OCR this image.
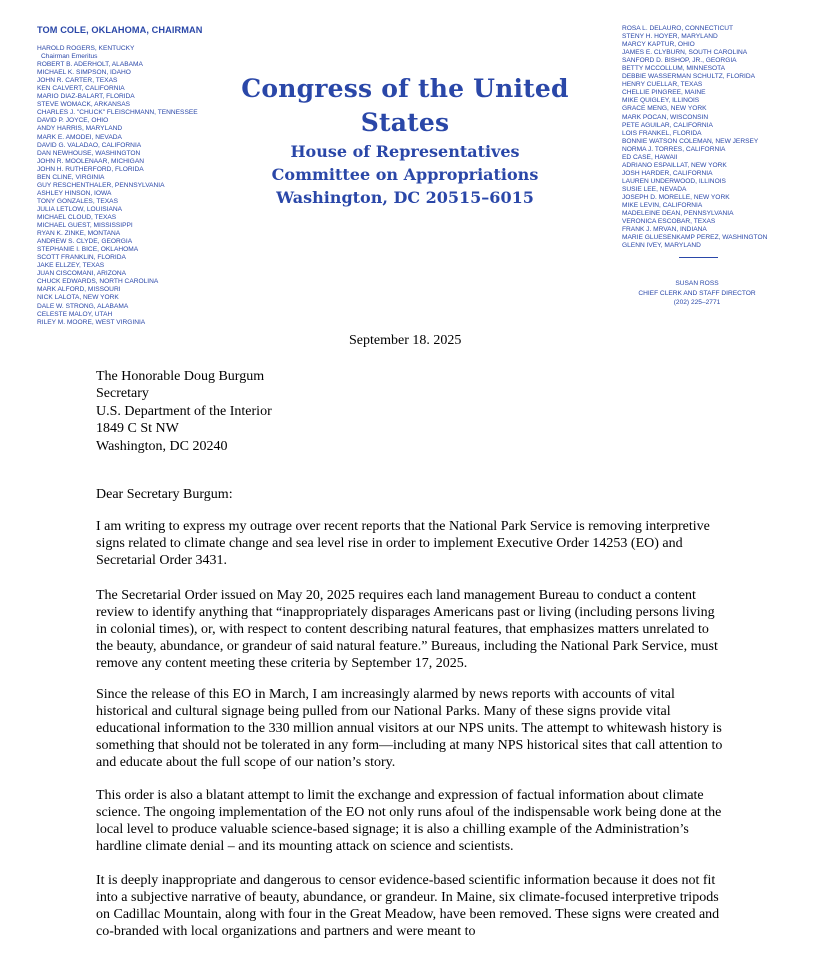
TOM COLE, OKLAHOMA, CHAIRMAN
HAROLD ROGERS, KENTUCKY
Chairman Emeritus
ROBERT B. ADERHOLT, ALABAMA
MICHAEL K. SIMPSON, IDAHO
JOHN R. CARTER, TEXAS
KEN CALVERT, CALIFORNIA
MARIO DIAZ-BALART, FLORIDA
STEVE WOMACK, ARKANSAS
CHARLES J. "CHUCK" FLEISCHMANN, TENNESSEE
DAVID P. JOYCE, OHIO
ANDY HARRIS, MARYLAND
MARK E. AMODEI, NEVADA
DAVID G. VALADAO, CALIFORNIA
DAN NEWHOUSE, WASHINGTON
JOHN R. MOOLENAAR, MICHIGAN
JOHN H. RUTHERFORD, FLORIDA
BEN CLINE, VIRGINIA
GUY RESCHENTHALER, PENNSYLVANIA
ASHLEY HINSON, IOWA
TONY GONZALES, TEXAS
JULIA LETLOW, LOUISIANA
MICHAEL CLOUD, TEXAS
MICHAEL GUEST, MISSISSIPPI
RYAN K. ZINKE, MONTANA
ANDREW S. CLYDE, GEORGIA
STEPHANIE I. BICE, OKLAHOMA
SCOTT FRANKLIN, FLORIDA
JAKE ELLZEY, TEXAS
JUAN CISCOMANI, ARIZONA
CHUCK EDWARDS, NORTH CAROLINA
MARK ALFORD, MISSOURI
NICK LALOTA, NEW YORK
DALE W. STRONG, ALABAMA
CELESTE MALOY, UTAH
RILEY M. MOORE, WEST VIRGINIA
Congress of the United States
House of Representatives
Committee on Appropriations
Washington, DC 20515–6015
ROSA L. DELAURO, CONNECTICUT
STENY H. HOYER, MARYLAND
MARCY KAPTUR, OHIO
JAMES E. CLYBURN, SOUTH CAROLINA
SANFORD D. BISHOP, JR., GEORGIA
BETTY MCCOLLUM, MINNESOTA
DEBBIE WASSERMAN SCHULTZ, FLORIDA
HENRY CUELLAR, TEXAS
CHELLIE PINGREE, MAINE
MIKE QUIGLEY, ILLINOIS
GRACE MENG, NEW YORK
MARK POCAN, WISCONSIN
PETE AGUILAR, CALIFORNIA
LOIS FRANKEL, FLORIDA
BONNIE WATSON COLEMAN, NEW JERSEY
NORMA J. TORRES, CALIFORNIA
ED CASE, HAWAII
ADRIANO ESPAILLAT, NEW YORK
JOSH HARDER, CALIFORNIA
LAUREN UNDERWOOD, ILLINOIS
SUSIE LEE, NEVADA
JOSEPH D. MORELLE, NEW YORK
MIKE LEVIN, CALIFORNIA
MADELEINE DEAN, PENNSYLVANIA
VERONICA ESCOBAR, TEXAS
FRANK J. MRVAN, INDIANA
MARIE GLUESENKAMP PEREZ, WASHINGTON
GLENN IVEY, MARYLAND
SUSAN ROSS
CHIEF CLERK AND STAFF DIRECTOR
(202) 225–2771
September 18. 2025
The Honorable Doug Burgum
Secretary
U.S. Department of the Interior
1849 C St NW
Washington, DC 20240
Dear Secretary Burgum:

I am writing to express my outrage over recent reports that the National Park Service is removing interpretive signs related to climate change and sea level rise in order to implement Executive Order 14253 (EO) and Secretarial Order 3431.

The Secretarial Order issued on May 20, 2025 requires each land management Bureau to conduct a content review to identify anything that “inappropriately disparages Americans past or living (including persons living in colonial times), or, with respect to content describing natural features, that emphasizes matters unrelated to the beauty, abundance, or grandeur of said natural feature.” Bureaus, including the National Park Service, must remove any content meeting these criteria by September 17, 2025.

Since the release of this EO in March, I am increasingly alarmed by news reports with accounts of vital historical and cultural signage being pulled from our National Parks. Many of these signs provide vital educational information to the 330 million annual visitors at our NPS units. The attempt to whitewash history is something that should not be tolerated in any form—including at many NPS historical sites that call attention to and educate about the full scope of our nation’s story.

This order is also a blatant attempt to limit the exchange and expression of factual information about climate science. The ongoing implementation of the EO not only runs afoul of the indispensable work being done at the local level to produce valuable science-based signage; it is also a chilling example of the Administration’s hardline climate denial – and its mounting attack on science and scientists.

It is deeply inappropriate and dangerous to censor evidence-based scientific information because it does not fit into a subjective narrative of beauty, abundance, or grandeur. In Maine, six climate-focused interpretive tripods on Cadillac Mountain, along with four in the Great Meadow, have been removed. These signs were created and co-branded with local organizations and partners and were meant to
